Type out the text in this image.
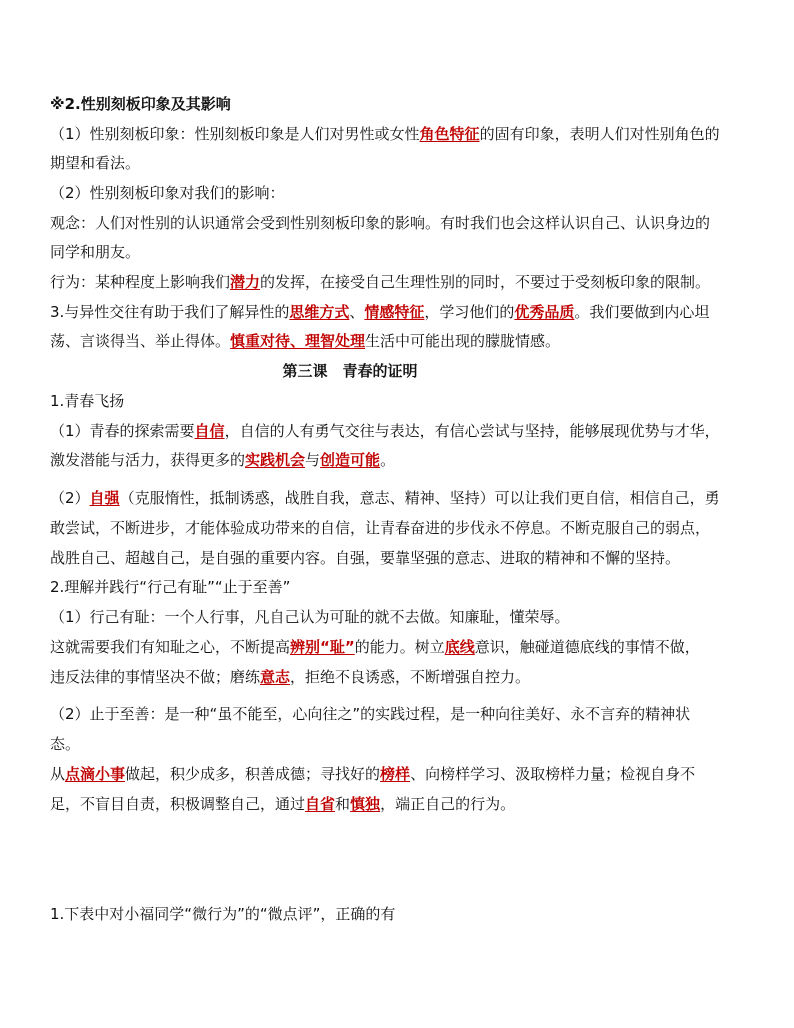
※2.性别刻板印象及其影响
（1）性别刻板印象：性别刻板印象是人们对男性或女性角色特征的固有印象，表明人们对性别角色的
期望和看法。
（2）性别刻板印象对我们的影响：
观念：人们对性别的认识通常会受到性别刻板印象的影响。有时我们也会这样认识自己、认识身边的
同学和朋友。
行为：某种程度上影响我们潜力的发挥，在接受自己生理性别的同时，不要过于受刻板印象的限制。
3.与异性交往有助于我们了解异性的思维方式、情感特征，学习他们的优秀品质。我们要做到内心坦
荡、言谈得当、举止得体。慎重对待、理智处理生活中可能出现的朦胧情感。
第三课　青春的证明
1.青春飞扬
（1）青春的探索需要自信，自信的人有勇气交往与表达，有信心尝试与坚持，能够展现优势与才华，
激发潜能与活力，获得更多的实践机会与创造可能。
（2）自强（克服惰性，抵制诱惑，战胜自我，意志、精神、坚持）可以让我们更自信，相信自己，勇
敢尝试，不断进步，才能体验成功带来的自信，让青春奋进的步伐永不停息。不断克服自己的弱点，
战胜自己、超越自己，是自强的重要内容。自强，要靠坚强的意志、进取的精神和不懈的坚持。
2.理解并践行“行己有耻”“止于至善”
（1）行己有耻：一个人行事，凡自己认为可耻的就不去做。知廉耻，懂荣辱。
这就需要我们有知耻之心，不断提高辨别“耻”的能力。树立底线意识，触碰道德底线的事情不做，
违反法律的事情坚决不做；磨练意志，拒绝不良诱惑，不断增强自控力。
（2）止于至善：是一种“虽不能至，心向往之”的实践过程，是一种向往美好、永不言弃的精神状
态。
从点滴小事做起，积少成多，积善成德；寻找好的榜样、向榜样学习、汲取榜样力量；检视自身不
足，不盲目自责，积极调整自己，通过自省和慎独，端正自己的行为。
1.下表中对小福同学“微行为”的“微点评”，正确的有
